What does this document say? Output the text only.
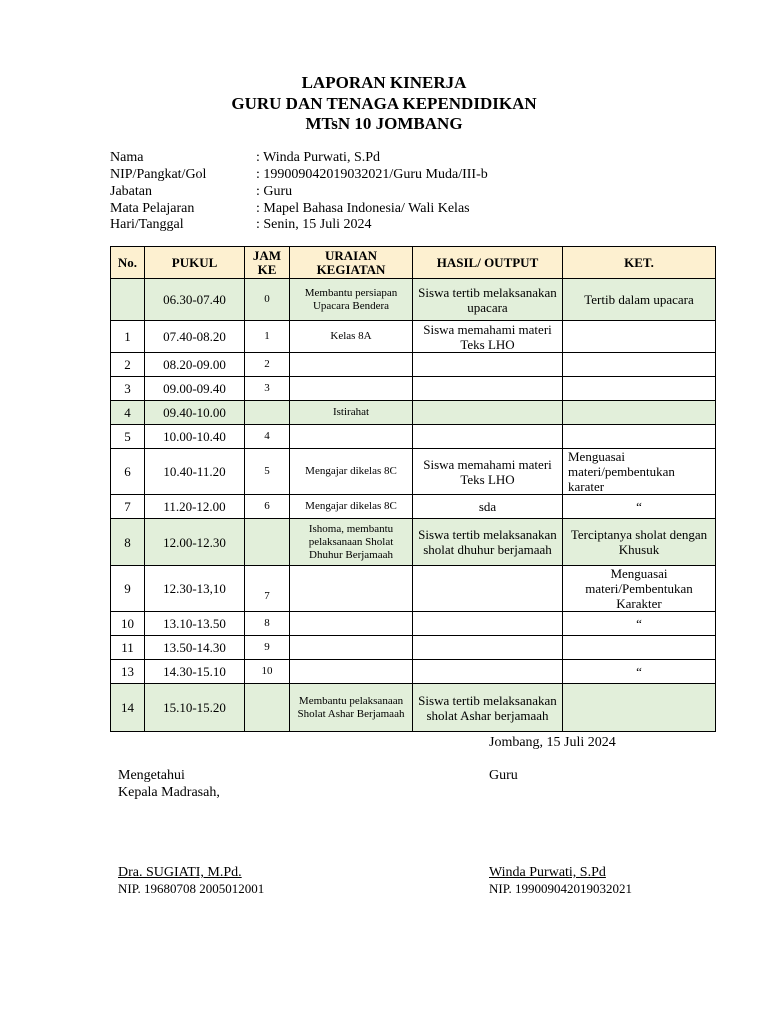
LAPORAN KINERJA
GURU DAN TENAGA KEPENDIDIKAN
MTsN 10 JOMBANG
Nama	: Winda Purwati, S.Pd
NIP/Pangkat/Gol	: 199009042019032021/Guru Muda/III-b
Jabatan	: Guru
Mata Pelajaran	: Mapel Bahasa Indonesia/ Wali Kelas
Hari/Tanggal	: Senin, 15 Juli 2024
No.	PUKUL	JAM KE	URAIAN KEGIATAN	HASIL/ OUTPUT	KET.
	06.30-07.40	0	Membantu persiapan Upacara Bendera	Siswa tertib melaksanakan upacara	Tertib dalam upacara
1	07.40-08.20	1	Kelas 8A	Siswa memahami materi Teks LHO	
2	08.20-09.00	2			
3	09.00-09.40	3			
4	09.40-10.00		Istirahat		
5	10.00-10.40	4			
6	10.40-11.20	5	Mengajar dikelas 8C	Siswa memahami materi Teks LHO	Menguasai materi/pembentukan karater
7	11.20-12.00	6	Mengajar dikelas 8C	sda	“
8	12.00-12.30		Ishoma, membantu pelaksanaan Sholat Dhuhur Berjamaah	Siswa tertib melaksanakan sholat dhuhur berjamaah	Terciptanya sholat dengan Khusuk
9	12.30-13,10	7			Menguasai materi/Pembentukan Karakter
10	13.10-13.50	8			“
11	13.50-14.30	9			
13	14.30-15.10	10			“
14	15.10-15.20		Membantu pelaksanaan Sholat Ashar Berjamaah	Siswa tertib melaksanakan sholat Ashar berjamaah	
Jombang, 15 Juli 2024
Mengetahui
Kepala Madrasah,
Guru
Dra. SUGIATI, M.Pd.
NIP. 19680708 2005012001
Winda Purwati, S.Pd
NIP. 199009042019032021
